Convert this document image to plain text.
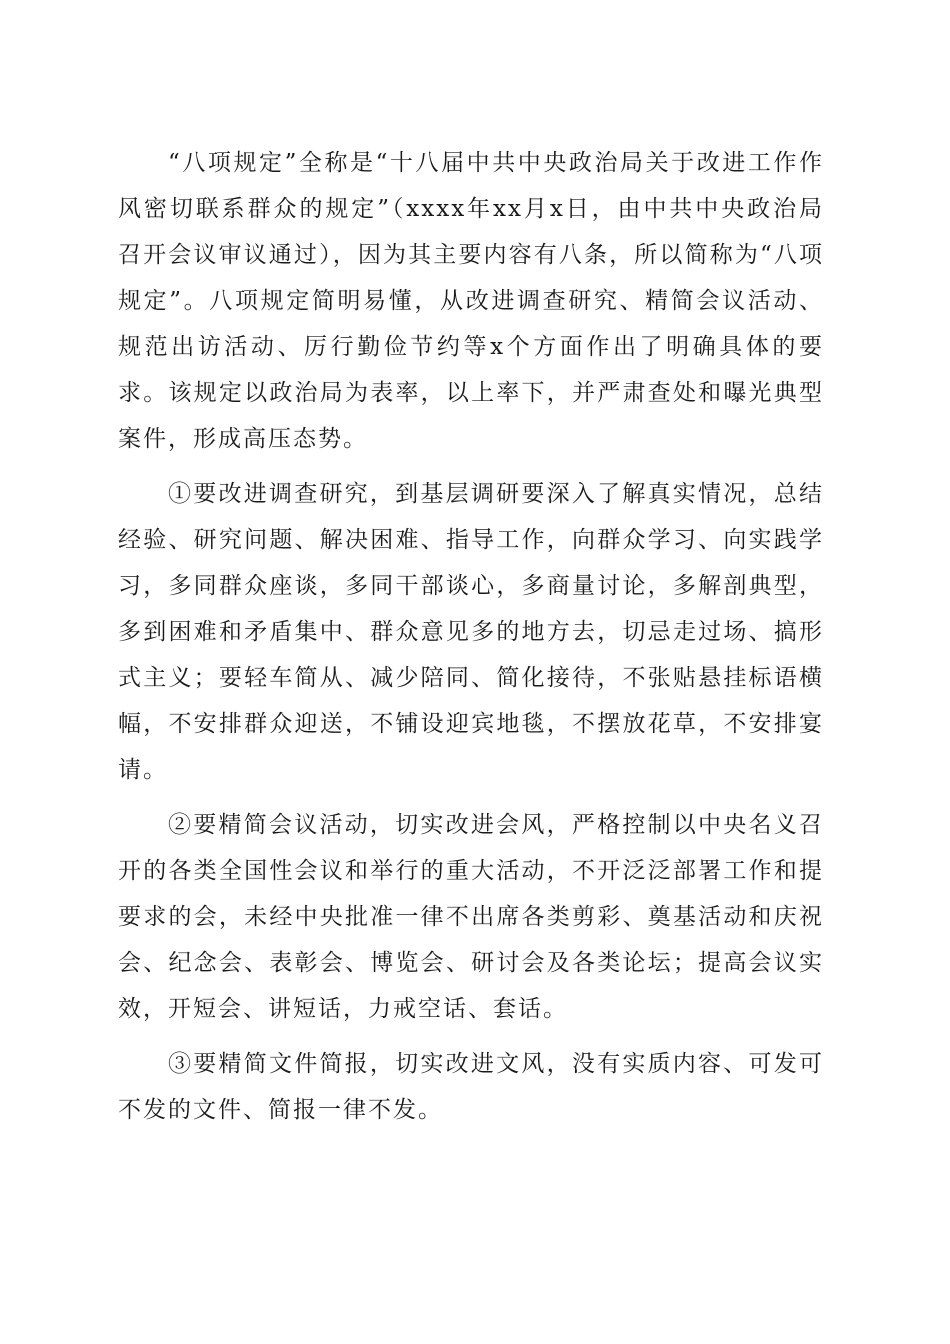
“八项规定”全称是“十八届中共中央政治局关于改进工作作风密切联系群众的规定”（xxxx年xx月x日，由中共中央政治局召开会议审议通过），因为其主要内容有八条，所以简称为“八项规定”。八项规定简明易懂，从改进调查研究、精简会议活动、规范出访活动、厉行勤俭节约等x个方面作出了明确具体的要求。该规定以政治局为表率，以上率下，并严肃查处和曝光典型案件，形成高压态势。

①要改进调查研究，到基层调研要深入了解真实情况，总结经验、研究问题、解决困难、指导工作，向群众学习、向实践学习，多同群众座谈，多同干部谈心，多商量讨论，多解剖典型，多到困难和矛盾集中、群众意见多的地方去，切忌走过场、搞形式主义；要轻车简从、减少陪同、简化接待，不张贴悬挂标语横幅，不安排群众迎送，不铺设迎宾地毯，不摆放花草，不安排宴请。

②要精简会议活动，切实改进会风，严格控制以中央名义召开的各类全国性会议和举行的重大活动，不开泛泛部署工作和提要求的会，未经中央批准一律不出席各类剪彩、奠基活动和庆祝会、纪念会、表彰会、博览会、研讨会及各类论坛；提高会议实效，开短会、讲短话，力戒空话、套话。

③要精简文件简报，切实改进文风，没有实质内容、可发可不发的文件、简报一律不发。
